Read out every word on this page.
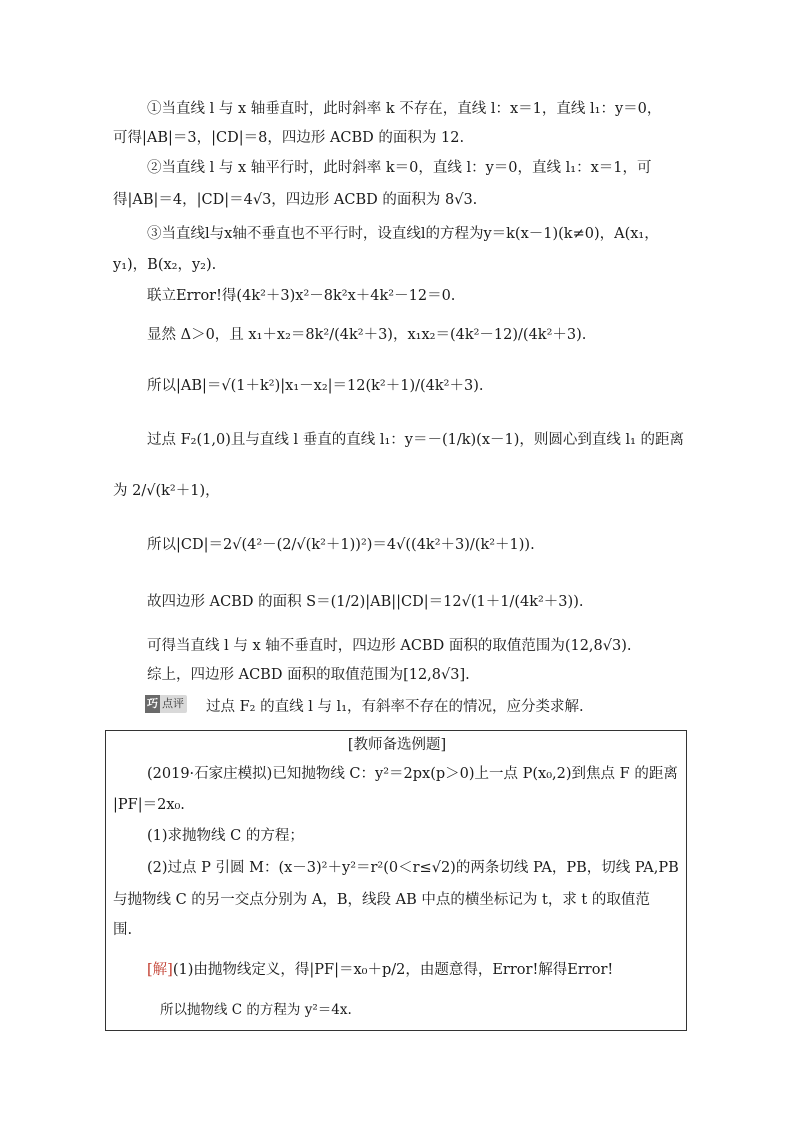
①当直线 l 与 x 轴垂直时，此时斜率 k 不存在，直线 l：x＝1，直线 l₁：y＝0，
可得|AB|＝3，|CD|＝8，四边形 ACBD 的面积为 12.
②当直线 l 与 x 轴平行时，此时斜率 k＝0，直线 l：y＝0，直线 l₁：x＝1，可
得|AB|＝4，|CD|＝4√3，四边形 ACBD 的面积为 8√3.
③当直线l与x轴不垂直也不平行时，设直线l的方程为y＝k(x－1)(k≠0)，A(x₁，
y₁)，B(x₂，y₂).
联立Error!得(4k²＋3)x²－8k²x＋4k²－12＝0.
显然 Δ＞0，且 x₁＋x₂＝8k²/(4k²＋3)，x₁x₂＝(4k²－12)/(4k²＋3).
所以|AB|＝√(1＋k²)|x₁－x₂|＝12(k²＋1)/(4k²＋3).
过点 F₂(1,0)且与直线 l 垂直的直线 l₁：y＝－(1/k)(x－1)，则圆心到直线 l₁ 的距离
为 2/√(k²＋1)，
所以|CD|＝2√(4²－(2/√(k²＋1))²)＝4√((4k²＋3)/(k²＋1)).
故四边形 ACBD 的面积 S＝(1/2)|AB||CD|＝12√(1＋1/(4k²＋3)).
可得当直线 l 与 x 轴不垂直时，四边形 ACBD 面积的取值范围为(12,8√3).
综上，四边形 ACBD 面积的取值范围为[12,8√3].
巧 点评 过点 F₂ 的直线 l 与 l₁，有斜率不存在的情况，应分类求解.
[教师备选例题]
(2019·石家庄模拟)已知抛物线 C：y²＝2px(p＞0)上一点 P(x₀,2)到焦点 F 的距离
|PF|＝2x₀.
(1)求抛物线 C 的方程；
(2)过点 P 引圆 M：(x－3)²＋y²＝r²(0＜r≤√2)的两条切线 PA，PB，切线 PA,PB
与抛物线 C 的另一交点分别为 A，B，线段 AB 中点的横坐标记为 t，求 t 的取值范
围.
[解](1)由抛物线定义，得|PF|＝x₀＋p/2，由题意得，Error!解得Error!
所以抛物线 C 的方程为 y²＝4x.
